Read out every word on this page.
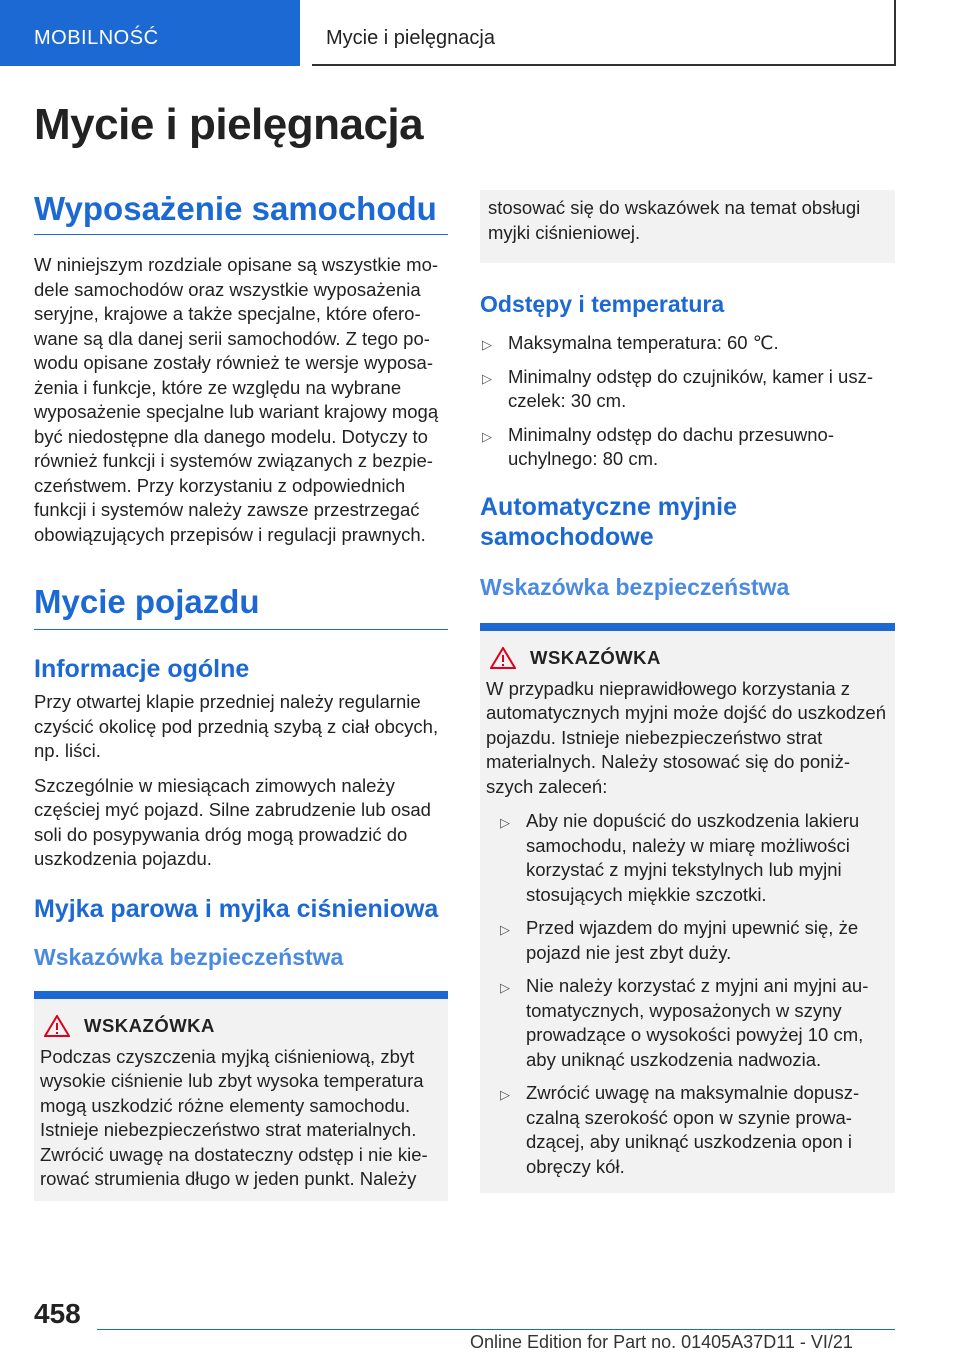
MOBILNOŚĆ	Mycie i pielęgnacja
Mycie i pielęgnacja
Wyposażenie samochodu

W niniejszym rozdziale opisane są wszystkie modele samochodów oraz wszystkie wyposażenia seryjne, krajowe a także specjalne, które oferowane są dla danej serii samochodów. Z tego powodu opisane zostały również te wersje wyposażenia i funkcje, które ze względu na wybrane wyposażenie specjalne lub wariant krajowy mogą być niedostępne dla danego modelu. Dotyczy to również funkcji i systemów związanych z bezpieczeństwem. Przy korzystaniu z odpowiednich funkcji i systemów należy zawsze przestrzegać obowiązujących przepisów i regulacji prawnych.

Mycie pojazdu
Informacje ogólne

Przy otwartej klapie przedniej należy regularnie czyścić okolicę pod przednią szybą z ciał obcych, np. liści.

Szczególnie w miesiącach zimowych należy częściej myć pojazd. Silne zabrudzenie lub osad soli do posypywania dróg mogą prowadzić do uszkodzenia pojazdu.

Myjka parowa i myjka ciśnieniowa
Wskazówka bezpieczeństwa
WSKAZÓWKA

Podczas czyszczenia myjką ciśnieniową, zbyt wysokie ciśnienie lub zbyt wysoka temperatura mogą uszkodzić różne elementy samochodu. Istnieje niebezpieczeństwo strat materialnych. Zwrócić uwagę na dostateczny odstęp i nie kierować strumienia długo w jeden punkt. Należy

stosować się do wskazówek na temat obsługi myjki ciśnieniowej.

Odstępy i temperatura
▷ Maksymalna temperatura: 60 ℃.
▷ Minimalny odstęp do czujników, kamer i uszczelek: 30 cm.
▷ Minimalny odstęp do dachu przesuwno-uchylnego: 80 cm.
Automatyczne myjnie samochodowe
Wskazówka bezpieczeństwa
WSKAZÓWKA

W przypadku nieprawidłowego korzystania z automatycznych myjni może dojść do uszkodzeń pojazdu. Istnieje niebezpieczeństwo strat materialnych. Należy stosować się do poniższych zaleceń:

▷ Aby nie dopuścić do uszkodzenia lakieru samochodu, należy w miarę możliwości korzystać z myjni tekstylnych lub myjni stosujących miękkie szczotki.
▷ Przed wjazdem do myjni upewnić się, że pojazd nie jest zbyt duży.
▷ Nie należy korzystać z myjni ani myjni automatycznych, wyposażonych w szyny prowadzące o wysokości powyżej 10 cm, aby uniknąć uszkodzenia nadwozia.
▷ Zwrócić uwagę na maksymalnie dopuszczalną szerokość opon w szynie prowadzącej, aby uniknąć uszkodzenia opon i obręczy kół.
458
Online Edition for Part no. 01405A37D11 - VI/21
